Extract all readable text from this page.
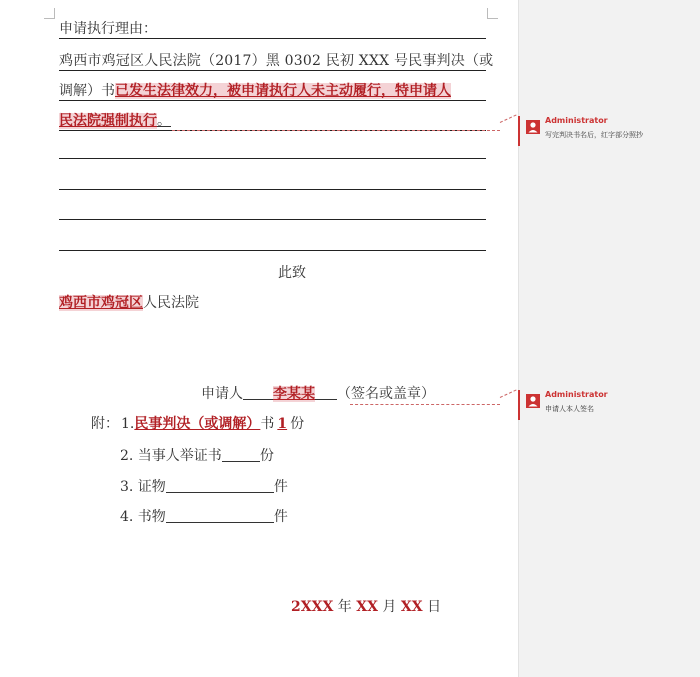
申请执行理由：
鸡西市鸡冠区人民法院（2017）黑 0302 民初 XXX 号民事判决（或
调解）书已发生法律效力，被申请执行人未主动履行，特申请人
民法院强制执行。
此致
鸡西市鸡冠区人民法院
申请人 李某某 （签名或盖章）
附： 1.民事判决（或调解）书 1 份
2. 当事人举证书	份
3. 证物	件
4. 书物	件
2XXX 年 XX 月 XX 日
Administrator
写完判决书名后，红字部分照抄
Administrator
申请人本人签名
